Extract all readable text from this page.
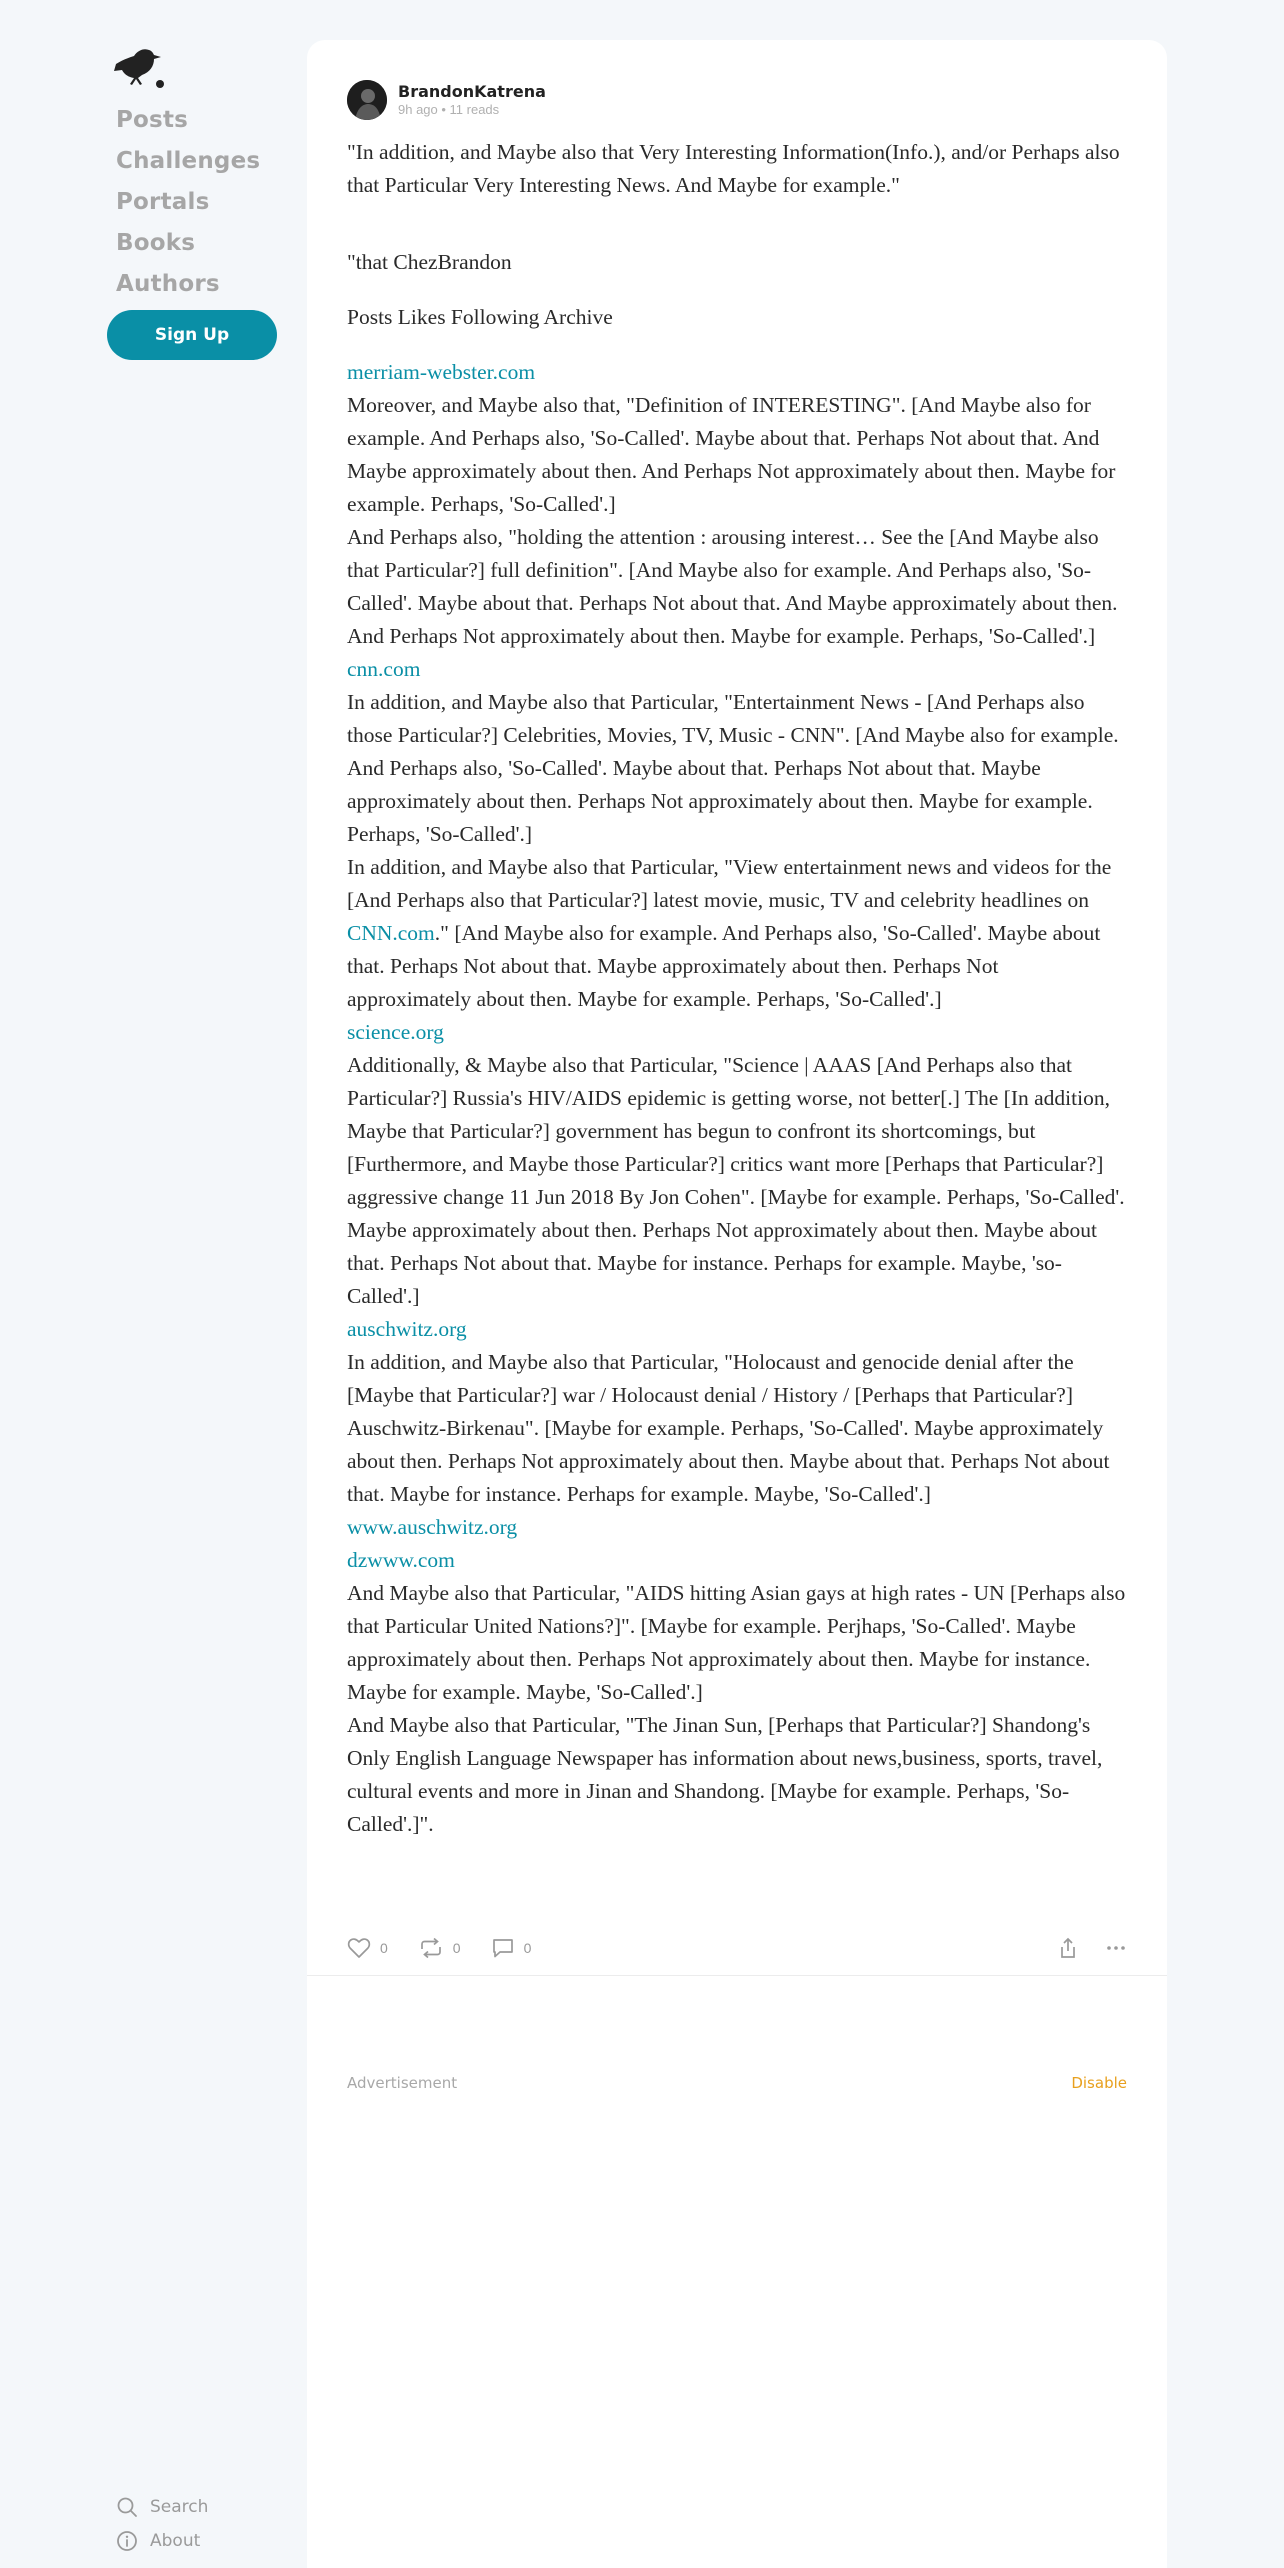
Posts
Challenges
Portals
Books
Authors
Sign Up
Search
About
BrandonKatrena
9h ago • 11 reads

"In addition, and Maybe also that Very Interesting Information(Info.), and/or Perhaps also that Particular Very Interesting News. And Maybe for example."

"that ChezBrandon

Posts Likes Following Archive

merriam-webster.com

Moreover, and Maybe also that, "Definition of INTERESTING". [And Maybe also for example. And Perhaps also, 'So-Called'. Maybe about that. Perhaps Not about that. And Maybe approximately about then. And Perhaps Not approximately about then. Maybe for example. Perhaps, 'So-Called'.]

And Perhaps also, "holding the attention : arousing interest… See the [And Maybe also that Particular?] full definition". [And Maybe also for example. And Perhaps also, 'So-Called'. Maybe about that. Perhaps Not about that. And Maybe approximately about then. And Perhaps Not approximately about then. Maybe for example. Perhaps, 'So-Called'.]

cnn.com

In addition, and Maybe also that Particular, "Entertainment News - [And Perhaps also those Particular?] Celebrities, Movies, TV, Music - CNN". [And Maybe also for example. And Perhaps also, 'So-Called'. Maybe about that. Perhaps Not about that. Maybe approximately about then. Perhaps Not approximately about then. Maybe for example. Perhaps, 'So-Called'.]

In addition, and Maybe also that Particular, "View entertainment news and videos for the [And Perhaps also that Particular?] latest movie, music, TV and celebrity headlines on CNN.com." [And Maybe also for example. And Perhaps also, 'So-Called'. Maybe about that. Perhaps Not about that. Maybe approximately about then. Perhaps Not approximately about then. Maybe for example. Perhaps, 'So-Called'.]

science.org

Additionally, & Maybe also that Particular, "Science | AAAS [And Perhaps also that Particular?] Russia's HIV/AIDS epidemic is getting worse, not better[.] The [In addition, Maybe that Particular?] government has begun to confront its shortcomings, but [Furthermore, and Maybe those Particular?] critics want more [Perhaps that Particular?] aggressive change 11 Jun 2018 By Jon Cohen". [Maybe for example. Perhaps, 'So-Called'. Maybe approximately about then. Perhaps Not approximately about then. Maybe about that. Perhaps Not about that. Maybe for instance. Perhaps for example. Maybe, 'so-Called'.]

auschwitz.org

In addition, and Maybe also that Particular, "Holocaust and genocide denial after the [Maybe that Particular?] war / Holocaust denial / History / [Perhaps that Particular?] Auschwitz-Birkenau". [Maybe for example. Perhaps, 'So-Called'. Maybe approximately about then. Perhaps Not approximately about then. Maybe about that. Perhaps Not about that. Maybe for instance. Perhaps for example. Maybe, 'So-Called'.]

www.auschwitz.org

dzwww.com

And Maybe also that Particular, "AIDS hitting Asian gays at high rates - UN [Perhaps also that Particular United Nations?]". [Maybe for example. Perjhaps, 'So-Called'. Maybe approximately about then. Perhaps Not approximately about then. Maybe for instance. Maybe for example. Maybe, 'So-Called'.]

And Maybe also that Particular, "The Jinan Sun, [Perhaps that Particular?] Shandong's Only English Language Newspaper has information about news,business, sports, travel, cultural events and more in Jinan and Shandong. [Maybe for example. Perhaps, 'So-Called'.]".

0	0	0
Advertisement	Disable
